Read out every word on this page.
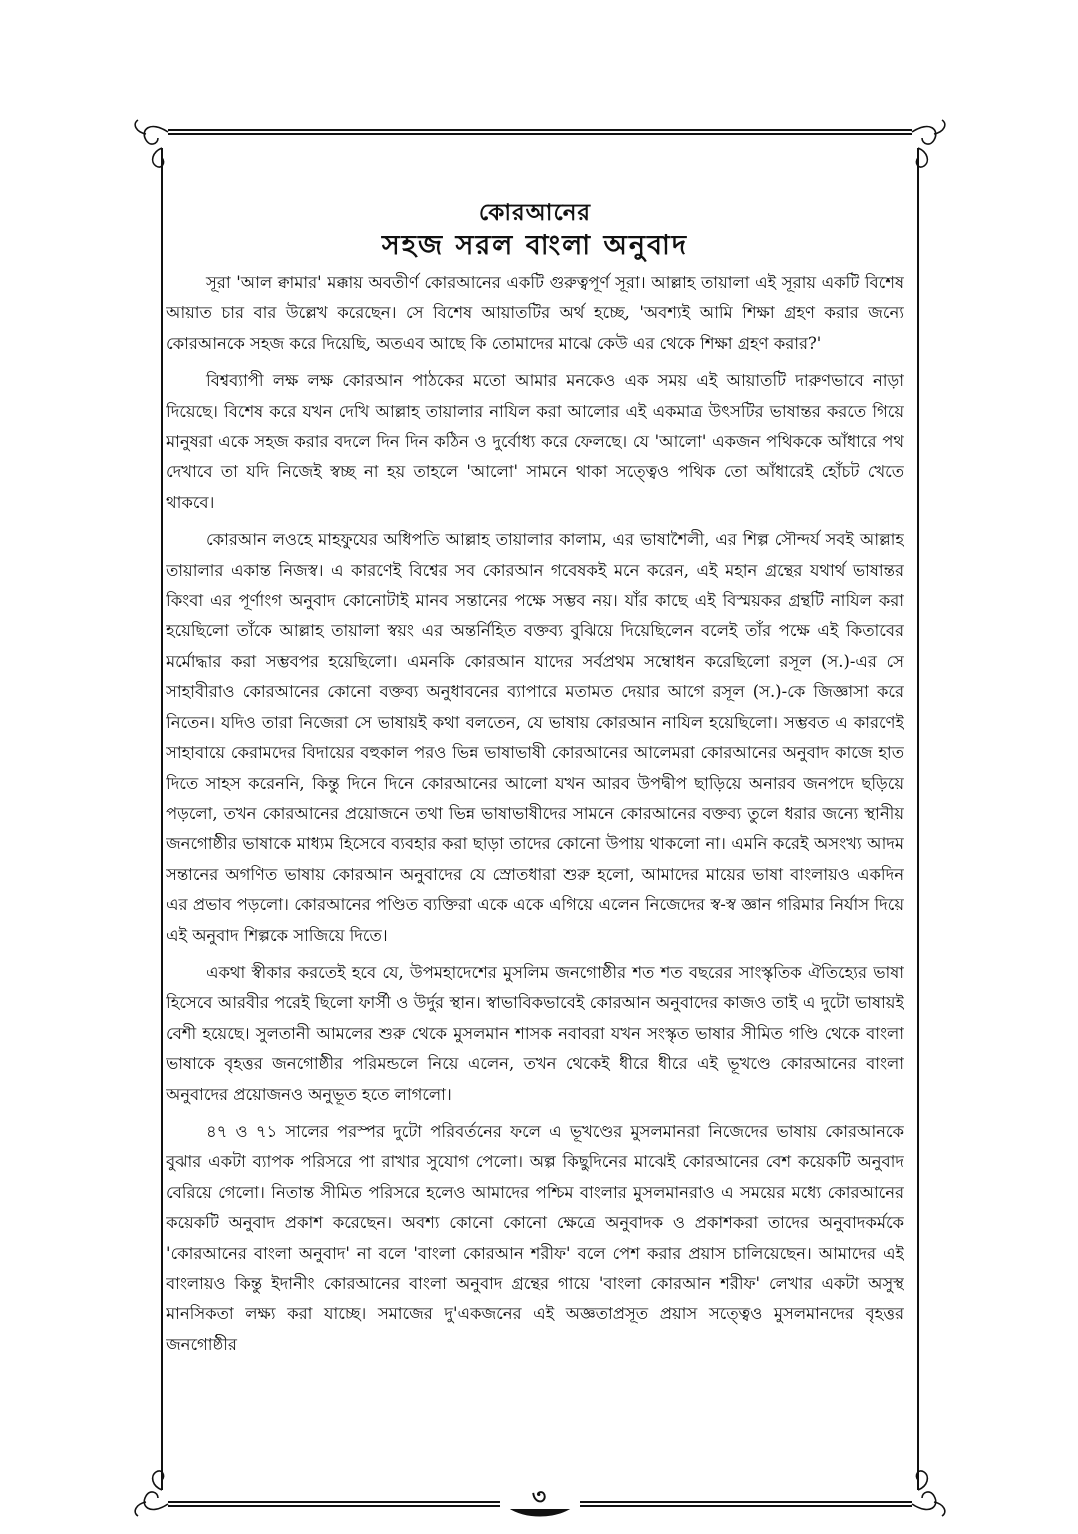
কোরআনের
সহজ সরল বাংলা অনুবাদ

সূরা 'আল ক্বামার' মক্কায় অবতীর্ণ কোরআনের একটি গুরুত্বপূর্ণ সূরা। আল্লাহ তায়ালা এই সূরায় একটি বিশেষ আয়াত চার বার উল্লেখ করেছেন। সে বিশেষ আয়াতটির অর্থ হচ্ছে, 'অবশ্যই আমি শিক্ষা গ্রহণ করার জন্যে কোরআনকে সহজ করে দিয়েছি, অতএব আছে কি তোমাদের মাঝে কেউ এর থেকে শিক্ষা গ্রহণ করার?'

বিশ্বব্যাপী লক্ষ লক্ষ কোরআন পাঠকের মতো আমার মনকেও এক সময় এই আয়াতটি দারুণভাবে নাড়া দিয়েছে। বিশেষ করে যখন দেখি আল্লাহ তায়ালার নাযিল করা আলোর এই একমাত্র উৎসটির ভাষান্তর করতে গিয়ে মানুষরা একে সহজ করার বদলে দিন দিন কঠিন ও দুর্বোধ্য করে ফেলছে। যে 'আলো' একজন পথিককে আঁধারে পথ দেখাবে তা যদি নিজেই স্বচ্ছ না হয় তাহলে 'আলো' সামনে থাকা সত্ত্বেও পথিক তো আঁধারেই হোঁচট খেতে থাকবে।

কোরআন লওহে মাহফুযের অধিপতি আল্লাহ তায়ালার কালাম, এর ভাষাশৈলী, এর শিল্প সৌন্দর্য সবই আল্লাহ তায়ালার একান্ত নিজস্ব। এ কারণেই বিশ্বের সব কোরআন গবেষকই মনে করেন, এই মহান গ্রন্থের যথার্থ ভাষান্তর কিংবা এর পূর্ণাংগ অনুবাদ কোনোটাই মানব সন্তানের পক্ষে সম্ভব নয়। যাঁর কাছে এই বিস্ময়কর গ্রন্থটি নাযিল করা হয়েছিলো তাঁকে আল্লাহ তায়ালা স্বয়ং এর অন্তর্নিহিত বক্তব্য বুঝিয়ে দিয়েছিলেন বলেই তাঁর পক্ষে এই কিতাবের মর্মোদ্ধার করা সম্ভবপর হয়েছিলো। এমনকি কোরআন যাদের সর্বপ্রথম সম্বোধন করেছিলো রসূল (স.)-এর সে সাহাবীরাও কোরআনের কোনো বক্তব্য অনুধাবনের ব্যাপারে মতামত দেয়ার আগে রসূল (স.)-কে জিজ্ঞাসা করে নিতেন। যদিও তারা নিজেরা সে ভাষায়ই কথা বলতেন, যে ভাষায় কোরআন নাযিল হয়েছিলো। সম্ভবত এ কারণেই সাহাবায়ে কেরামদের বিদায়ের বহুকাল পরও ভিন্ন ভাষাভাষী কোরআনের আলেমরা কোরআনের অনুবাদ কাজে হাত দিতে সাহস করেননি, কিন্তু দিনে দিনে কোরআনের আলো যখন আরব উপদ্বীপ ছাড়িয়ে অনারব জনপদে ছড়িয়ে পড়লো, তখন কোরআনের প্রয়োজনে তথা ভিন্ন ভাষাভাষীদের সামনে কোরআনের বক্তব্য তুলে ধরার জন্যে স্থানীয় জনগোষ্ঠীর ভাষাকে মাধ্যম হিসেবে ব্যবহার করা ছাড়া তাদের কোনো উপায় থাকলো না। এমনি করেই অসংখ্য আদম সন্তানের অগণিত ভাষায় কোরআন অনুবাদের যে স্রোতধারা শুরু হলো, আমাদের মায়ের ভাষা বাংলায়ও একদিন এর প্রভাব পড়লো। কোরআনের পণ্ডিত ব্যক্তিরা একে একে এগিয়ে এলেন নিজেদের স্ব-স্ব জ্ঞান গরিমার নির্যাস দিয়ে এই অনুবাদ শিল্পকে সাজিয়ে দিতে।

একথা স্বীকার করতেই হবে যে, উপমহাদেশের মুসলিম জনগোষ্ঠীর শত শত বছরের সাংস্কৃতিক ঐতিহ্যের ভাষা হিসেবে আরবীর পরেই ছিলো ফার্সী ও উর্দুর স্থান। স্বাভাবিকভাবেই কোরআন অনুবাদের কাজও তাই এ দুটো ভাষায়ই বেশী হয়েছে। সুলতানী আমলের শুরু থেকে মুসলমান শাসক নবাবরা যখন সংস্কৃত ভাষার সীমিত গণ্ডি থেকে বাংলা ভাষাকে বৃহত্তর জনগোষ্ঠীর পরিমন্ডলে নিয়ে এলেন, তখন থেকেই ধীরে ধীরে এই ভূখণ্ডে কোরআনের বাংলা অনুবাদের প্রয়োজনও অনুভূত হতে লাগলো।

৪৭ ও ৭১ সালের পরস্পর দুটো পরিবর্তনের ফলে এ ভূখণ্ডের মুসলমানরা নিজেদের ভাষায় কোরআনকে বুঝার একটা ব্যাপক পরিসরে পা রাখার সুযোগ পেলো। অল্প কিছুদিনের মাঝেই কোরআনের বেশ কয়েকটি অনুবাদ বেরিয়ে গেলো। নিতান্ত সীমিত পরিসরে হলেও আমাদের পশ্চিম বাংলার মুসলমানরাও এ সময়ের মধ্যে কোরআনের কয়েকটি অনুবাদ প্রকাশ করেছেন। অবশ্য কোনো কোনো ক্ষেত্রে অনুবাদক ও প্রকাশকরা তাদের অনুবাদকর্মকে 'কোরআনের বাংলা অনুবাদ' না বলে 'বাংলা কোরআন শরীফ' বলে পেশ করার প্রয়াস চালিয়েছেন। আমাদের এই বাংলায়ও কিন্তু ইদানীং কোরআনের বাংলা অনুবাদ গ্রন্থের গায়ে 'বাংলা কোরআন শরীফ' লেখার একটা অসুস্থ মানসিকতা লক্ষ্য করা যাচ্ছে। সমাজের দু'একজনের এই অজ্ঞতাপ্রসূত প্রয়াস সত্ত্বেও মুসলমানদের বৃহত্তর জনগোষ্ঠীর

৩
